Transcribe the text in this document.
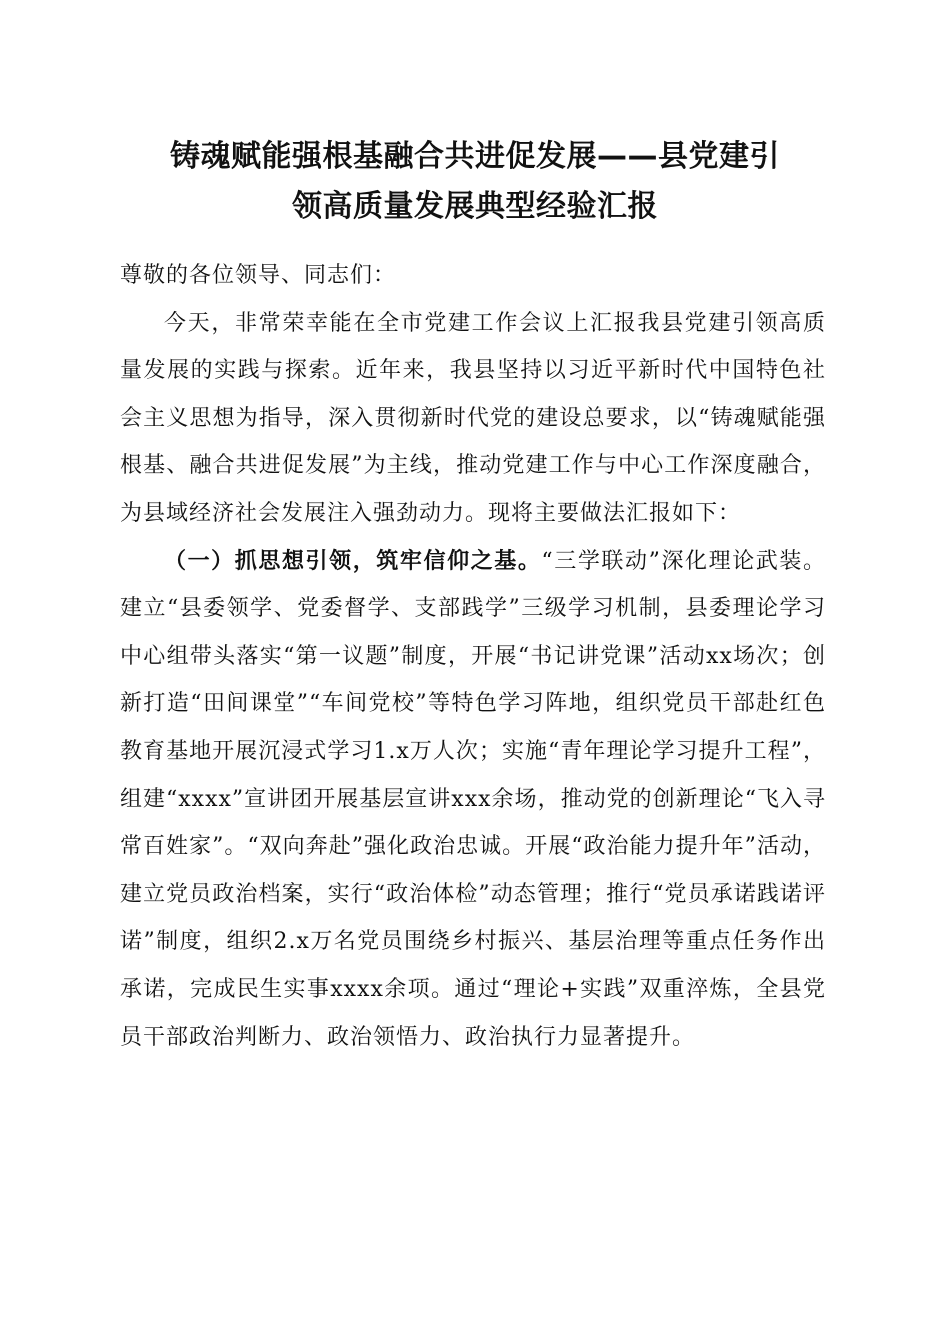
铸魂赋能强根基融合共进促发展——县党建引
领高质量发展典型经验汇报

尊敬的各位领导、同志们：

今天，非常荣幸能在全市党建工作会议上汇报我县党建引领高质量发展的实践与探索。近年来，我县坚持以习近平新时代中国特色社会主义思想为指导，深入贯彻新时代党的建设总要求，以“铸魂赋能强根基、融合共进促发展”为主线，推动党建工作与中心工作深度融合，为县域经济社会发展注入强劲动力。现将主要做法汇报如下：

（一）抓思想引领，筑牢信仰之基。“三学联动”深化理论武装。建立“县委领学、党委督学、支部践学”三级学习机制，县委理论学习中心组带头落实“第一议题”制度，开展“书记讲党课”活动xx场次；创新打造“田间课堂”“车间党校”等特色学习阵地，组织党员干部赴红色教育基地开展沉浸式学习1.x万人次；实施“青年理论学习提升工程”，组建“xxxx”宣讲团开展基层宣讲xxx余场，推动党的创新理论“飞入寻常百姓家”。“双向奔赴”强化政治忠诚。开展“政治能力提升年”活动，建立党员政治档案，实行“政治体检”动态管理；推行“党员承诺践诺评诺”制度，组织2.x万名党员围绕乡村振兴、基层治理等重点任务作出承诺，完成民生实事xxxx余项。通过“理论+实践”双重淬炼，全县党员干部政治判断力、政治领悟力、政治执行力显著提升。
